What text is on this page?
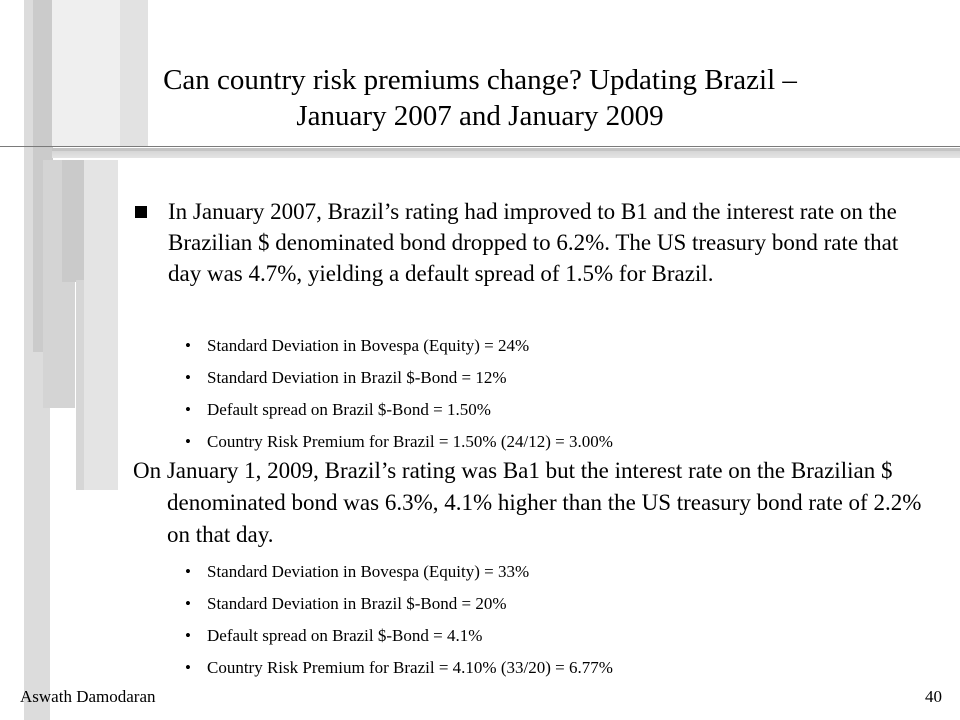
Can country risk premiums change? Updating Brazil –
January 2007 and January 2009
In January 2007, Brazil’s rating had improved to B1 and the interest rate on the Brazilian $ denominated bond dropped to 6.2%. The US treasury bond rate that day was 4.7%, yielding a default spread of 1.5% for Brazil.
• Standard Deviation in Bovespa (Equity) = 24%
• Standard Deviation in Brazil $-Bond = 12%
• Default spread on Brazil $-Bond = 1.50%
• Country Risk Premium for Brazil = 1.50% (24/12) = 3.00%
On January 1, 2009, Brazil’s rating was Ba1 but the interest rate on the Brazilian $ denominated bond was 6.3%, 4.1% higher than the US treasury bond rate of 2.2% on that day.
• Standard Deviation in Bovespa (Equity) = 33%
• Standard Deviation in Brazil $-Bond = 20%
• Default spread on Brazil $-Bond = 4.1%
• Country Risk Premium for Brazil = 4.10% (33/20) = 6.77%
Aswath Damodaran	40
